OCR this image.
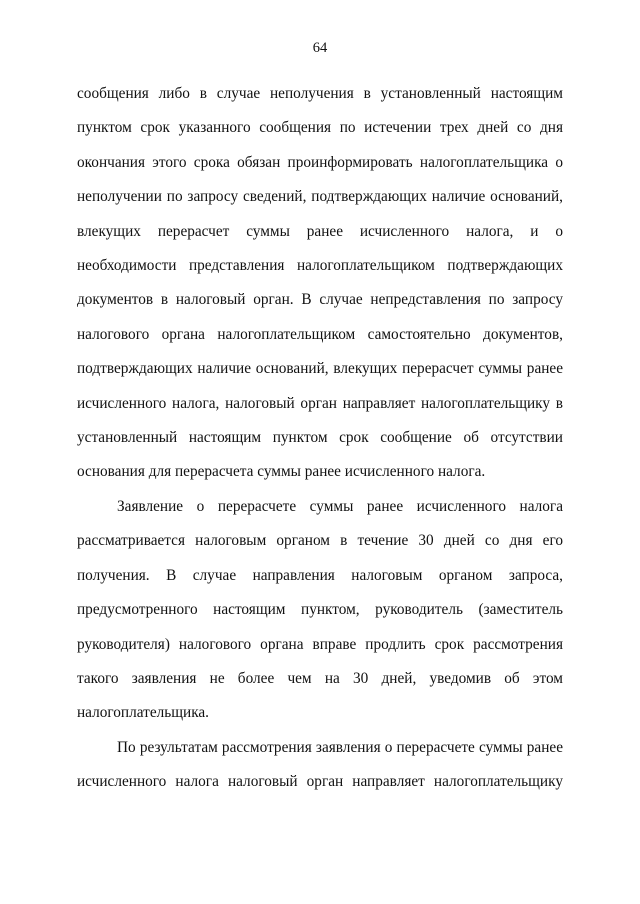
64

сообщения либо в случае неполучения в установленный настоящим
пунктом срок указанного сообщения по истечении трех дней со дня
окончания этого срока обязан проинформировать налогоплательщика о
неполучении по запросу сведений, подтверждающих наличие оснований,
влекущих перерасчет суммы ранее исчисленного налога, и о
необходимости представления налогоплательщиком подтверждающих
документов в налоговый орган. В случае непредставления по запросу
налогового органа налогоплательщиком самостоятельно документов,
подтверждающих наличие оснований, влекущих перерасчет суммы ранее
исчисленного налога, налоговый орган направляет налогоплательщику в
установленный настоящим пунктом срок сообщение об отсутствии
основания для перерасчета суммы ранее исчисленного налога.

Заявление о перерасчете суммы ранее исчисленного налога
рассматривается налоговым органом в течение 30 дней со дня его
получения. В случае направления налоговым органом запроса,
предусмотренного настоящим пунктом, руководитель (заместитель
руководителя) налогового органа вправе продлить срок рассмотрения
такого заявления не более чем на 30 дней, уведомив об этом
налогоплательщика.

По результатам рассмотрения заявления о перерасчете суммы ранее
исчисленного налога налоговый орган направляет налогоплательщику
